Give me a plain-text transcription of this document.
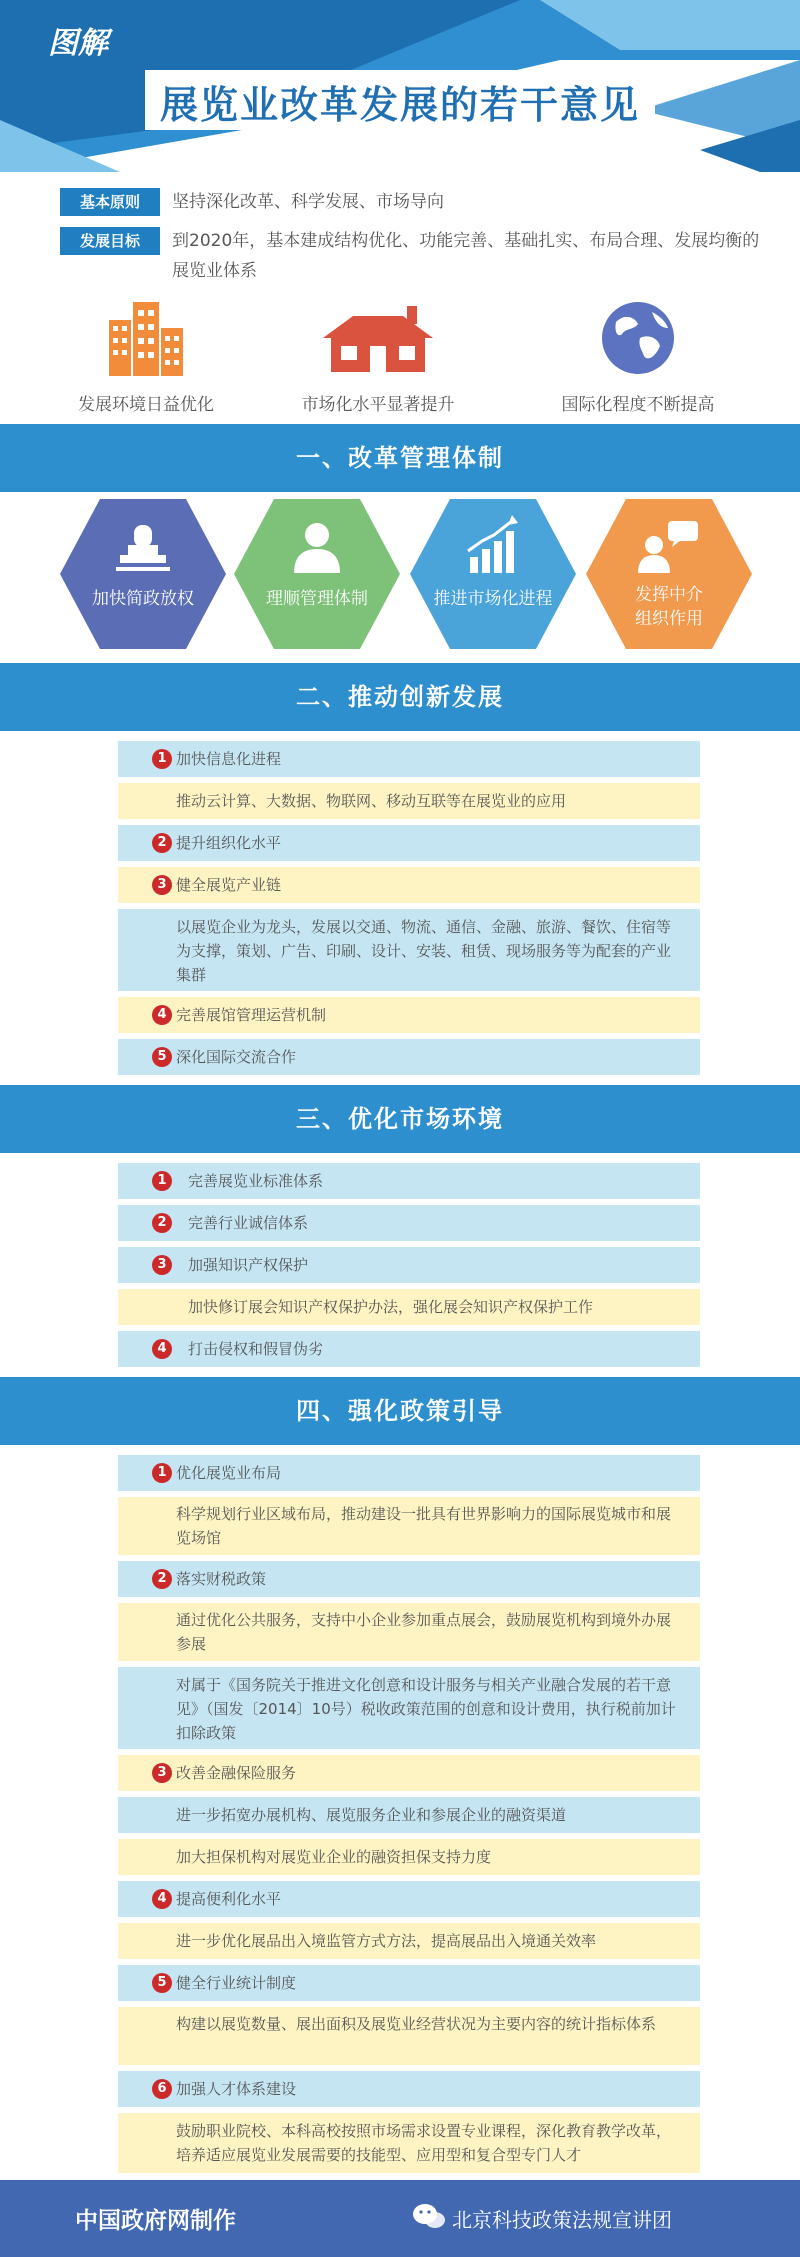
图解
展览业改革发展的若干意见
基本原则	坚持深化改革、科学发展、市场导向
发展目标	到2020年，基本建成结构优化、功能完善、基础扎实、布局合理、发展均衡的展览业体系
发展环境日益优化	市场化水平显著提升	国际化程度不断提高
一、改革管理体制
加快简政放权	理顺管理体制	推进市场化进程	发挥中介
组织作用
二、推动创新发展
1 加快信息化进程
推动云计算、大数据、物联网、移动互联等在展览业的应用
2 提升组织化水平
3 健全展览产业链
以展览企业为龙头，发展以交通、物流、通信、金融、旅游、餐饮、住宿等为支撑，策划、广告、印刷、设计、安装、租赁、现场服务等为配套的产业集群
4 完善展馆管理运营机制
5 深化国际交流合作
三、优化市场环境
1	完善展览业标准体系
2	完善行业诚信体系
3	加强知识产权保护
加快修订展会知识产权保护办法，强化展会知识产权保护工作
4	打击侵权和假冒伪劣
四、强化政策引导
1 优化展览业布局
科学规划行业区域布局，推动建设一批具有世界影响力的国际展览城市和展览场馆
2 落实财税政策
通过优化公共服务，支持中小企业参加重点展会，鼓励展览机构到境外办展参展
对属于《国务院关于推进文化创意和设计服务与相关产业融合发展的若干意见》（国发〔2014〕10号）税收政策范围的创意和设计费用，执行税前加计扣除政策
3 改善金融保险服务
进一步拓宽办展机构、展览服务企业和参展企业的融资渠道
加大担保机构对展览业企业的融资担保支持力度
4 提高便利化水平
进一步优化展品出入境监管方式方法，提高展品出入境通关效率
5 健全行业统计制度
构建以展览数量、展出面积及展览业经营状况为主要内容的统计指标体系
6 加强人才体系建设
鼓励职业院校、本科高校按照市场需求设置专业课程，深化教育教学改革，培养适应展览业发展需要的技能型、应用型和复合型专门人才
中国政府网制作	北京科技政策法规宣讲团
